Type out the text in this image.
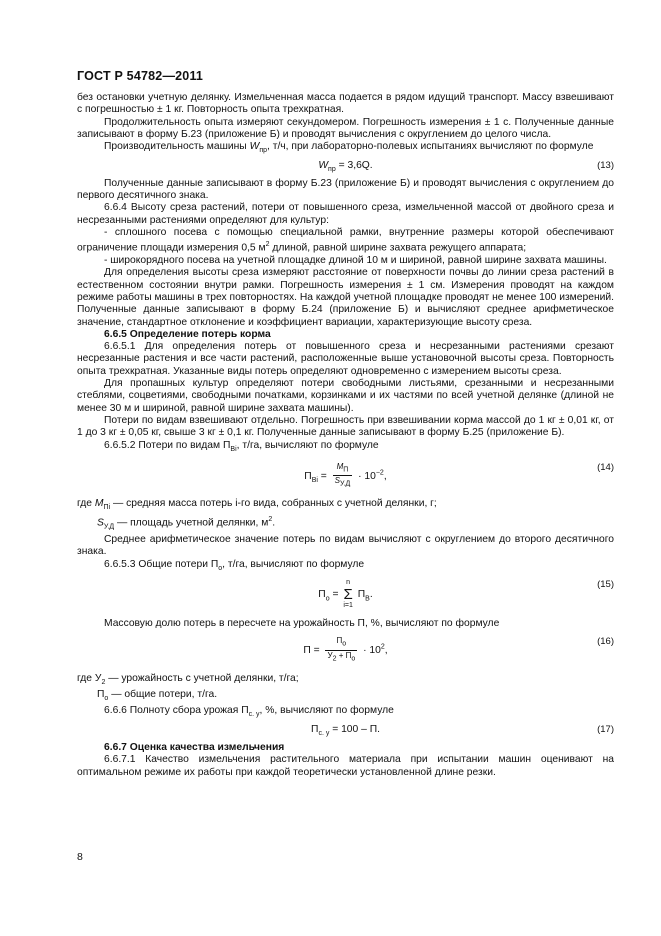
ГОСТ Р 54782—2011

без остановки учетную делянку. Измельченная масса подается в рядом идущий транспорт. Массу взвешивают с погрешностью ± 1 кг. Повторность опыта трехкратная.

Продолжительность опыта измеряют секундомером. Погрешность измерения ± 1 с. Полученные данные записывают в форму Б.23 (приложение Б) и проводят вычисления с округлением до целого числа.

Производительность машины $W_{пр}$, т/ч, при лабораторно-полевых испытаниях вычисляют по формуле

$W_{пр} = 3,6Q$.	(13)

Полученные данные записывают в форму Б.23 (приложение Б) и проводят вычисления с округлением до первого десятичного знака.

6.6.4 Высоту среза растений, потери от повышенного среза, измельченной массой от двойного среза и несрезанными растениями определяют для культур:

- сплошного посева с помощью специальной рамки, внутренние размеры которой обеспечивают ограничение площади измерения 0,5 $м^2$ длиной, равной ширине захвата режущего аппарата;

- широкорядного посева на учетной площадке длиной 10 м и шириной, равной ширине захвата машины.

Для определения высоты среза измеряют расстояние от поверхности почвы до линии среза растений в естественном состоянии внутри рамки. Погрешность измерения ± 1 см. Измерения проводят на каждом режиме работы машины в трех повторностях. На каждой учетной площадке проводят не менее 100 измерений. Полученные данные записывают в форму Б.24 (приложение Б) и вычисляют среднее арифметическое значение, стандартное отклонение и коэффициент вариации, характеризующие высоту среза.

6.6.5 Определение потерь корма

6.6.5.1 Для определения потерь от повышенного среза и несрезанными растениями срезают несрезанные растения и все части растений, расположенные выше установочной высоты среза. Повторность опыта трехкратная. Указанные виды потерь определяют одновременно с измерением высоты среза.

Для пропашных культур определяют потери свободными листьями, срезанными и несрезанными стеблями, соцветиями, свободными початками, корзинками и их частями по всей учетной делянке (длиной не менее 30 м и шириной, равной ширине захвата машины).

Потери по видам взвешивают отдельно. Погрешность при взвешивании корма массой до 1 кг ± 0,01 кг, от 1 до 3 кг ± 0,05 кг, свыше 3 кг ± 0,1 кг. Полученные данные записывают в форму Б.25 (приложение Б).

6.6.5.2 Потери по видам $П_{Вi}$, т/га, вычисляют по формуле

$П_{Вi} = \frac{M_П}{S_{У.Д}} \cdot 10^{-2}$,
(14)

где $M_{Пi}$ — средняя масса потерь i-го вида, собранных с учетной делянки, г;

$S_{У.Д}$ — площадь учетной делянки, $м^2$.

Среднее арифметическое значение потерь по видам вычисляют с округлением до второго десятичного знака.

6.6.5.3 Общие потери $П_о$, т/га, вычисляют по формуле

$П_о = n$
Σ
i=1 $П_В$.
(15)

Массовую долю потерь в пересчете на урожайность П, %, вычисляют по формуле

$П = \frac{П_о}{У_2 + П_о} \cdot 10^2$,
(16)

где $У_2$ — урожайность с учетной делянки, т/га;

$П_о$ — общие потери, т/га.

6.6.6 Полноту сбора урожая $П_{с. у}$, %, вычисляют по формуле

$П_{с. у} = 100 - П$.	(17)

6.6.7 Оценка качества измельчения

6.6.7.1 Качество измельчения растительного материала при испытании машин оценивают на оптимальном режиме их работы при каждой теоретически установленной длине резки.

8
